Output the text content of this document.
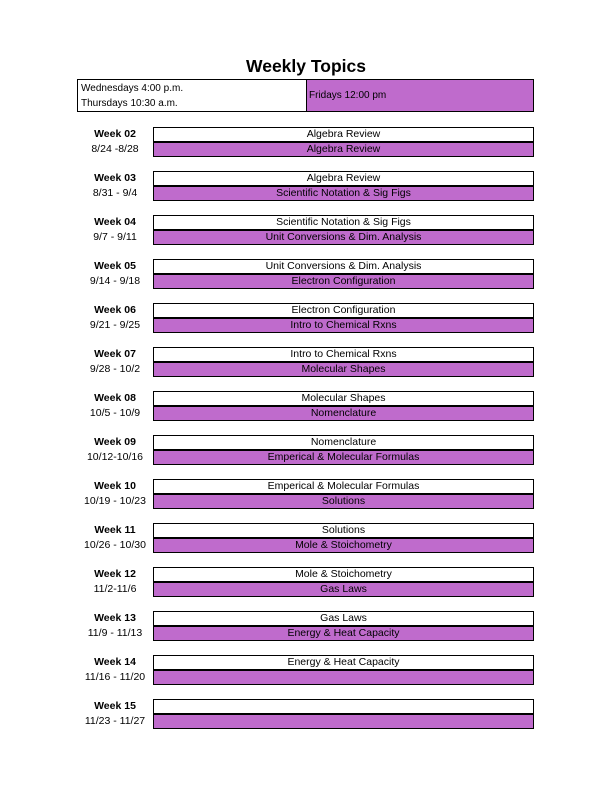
Weekly Topics
Wednesdays 4:00 p.m.
Thursdays 10:30 a.m.
Fridays 12:00 pm
Week 02
8/24 -8/28
Algebra Review
Algebra Review
Week 03
8/31 - 9/4
Algebra Review
Scientific Notation & Sig Figs
Week 04
9/7 - 9/11
Scientific Notation & Sig Figs
Unit Conversions & Dim. Analysis
Week 05
9/14 - 9/18
Unit Conversions & Dim. Analysis
Electron Configuration
Week 06
9/21 - 9/25
Electron Configuration
Intro to Chemical Rxns
Week 07
9/28 - 10/2
Intro to Chemical Rxns
Molecular Shapes
Week 08
10/5 - 10/9
Molecular Shapes
Nomenclature
Week 09
10/12-10/16
Nomenclature
Emperical & Molecular Formulas
Week 10
10/19 - 10/23
Emperical & Molecular Formulas
Solutions
Week 11
10/26 - 10/30
Solutions
Mole & Stoichometry
Week 12
11/2-11/6
Mole & Stoichometry
Gas Laws
Week 13
11/9 - 11/13
Gas Laws
Energy & Heat Capacity
Week 14
11/16 - 11/20
Energy & Heat Capacity
Week 15
11/23 - 11/27
